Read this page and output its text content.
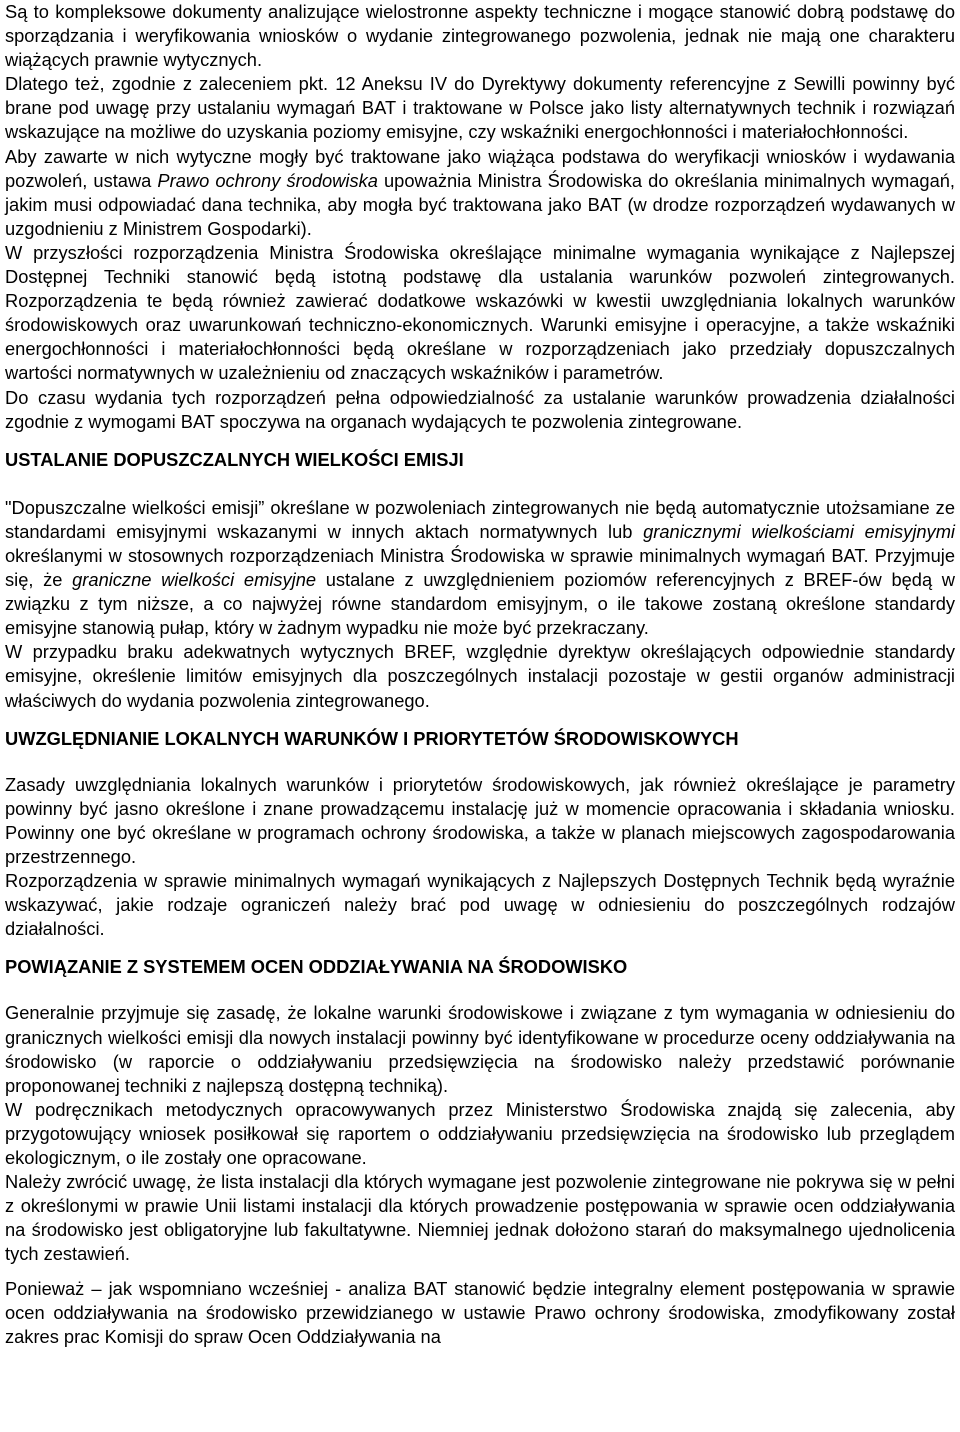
Są to kompleksowe dokumenty analizujące wielostronne aspekty techniczne i mogące stanowić dobrą podstawę do sporządzania i weryfikowania wniosków o wydanie zintegrowanego pozwolenia, jednak nie mają one charakteru wiążących prawnie wytycznych.

Dlatego też, zgodnie z zaleceniem pkt. 12 Aneksu IV do Dyrektywy dokumenty referencyjne z Sewilli powinny być brane pod uwagę przy ustalaniu wymagań BAT i traktowane w Polsce jako listy alternatywnych technik i rozwiązań wskazujące na możliwe do uzyskania poziomy emisyjne, czy wskaźniki energochłonności i materiałochłonności.

Aby zawarte w nich wytyczne mogły być traktowane jako wiążąca podstawa do weryfikacji wniosków i wydawania pozwoleń, ustawa Prawo ochrony środowiska upoważnia Ministra Środowiska do określania minimalnych wymagań, jakim musi odpowiadać dana technika, aby mogła być traktowana jako BAT (w drodze rozporządzeń wydawanych w uzgodnieniu z Ministrem Gospodarki).

W przyszłości rozporządzenia Ministra Środowiska określające minimalne wymagania wynikające z Najlepszej Dostępnej Techniki stanowić będą istotną podstawę dla ustalania warunków pozwoleń zintegrowanych. Rozporządzenia te będą również zawierać dodatkowe wskazówki w kwestii uwzględniania lokalnych warunków środowiskowych oraz uwarunkowań techniczno-ekonomicznych. Warunki emisyjne i operacyjne, a także wskaźniki energochłonności i materiałochłonności będą określane w rozporządzeniach jako przedziały dopuszczalnych wartości normatywnych w uzależnieniu od znaczących wskaźników i parametrów.

Do czasu wydania tych rozporządzeń pełna odpowiedzialność za ustalanie warunków prowadzenia działalności zgodnie z wymogami BAT spoczywa na organach wydających te pozwolenia zintegrowane.

USTALANIE DOPUSZCZALNYCH WIELKOŚCI EMISJI

"Dopuszczalne wielkości emisji” określane w pozwoleniach zintegrowanych nie będą automatycznie utożsamiane ze standardami emisyjnymi wskazanymi w innych aktach normatywnych lub granicznymi wielkościami emisyjnymi określanymi w stosownych rozporządzeniach Ministra Środowiska w sprawie minimalnych wymagań BAT. Przyjmuje się, że graniczne wielkości emisyjne ustalane z uwzględnieniem poziomów referencyjnych z BREF-ów będą w związku z tym niższe, a co najwyżej równe standardom emisyjnym, o ile takowe zostaną określone standardy emisyjne stanowią pułap, który w żadnym wypadku nie może być przekraczany.

W przypadku braku adekwatnych wytycznych BREF, względnie dyrektyw określających odpowiednie standardy emisyjne, określenie limitów emisyjnych dla poszczególnych instalacji pozostaje w gestii organów administracji właściwych do wydania pozwolenia zintegrowanego.

UWZGLĘDNIANIE LOKALNYCH WARUNKÓW I PRIORYTETÓW ŚRODOWISKOWYCH

Zasady uwzględniania lokalnych warunków i priorytetów środowiskowych, jak również określające je parametry powinny być jasno określone i znane prowadzącemu instalację już w momencie opracowania i składania wniosku. Powinny one być określane w programach ochrony środowiska, a także w planach miejscowych zagospodarowania przestrzennego.

Rozporządzenia w sprawie minimalnych wymagań wynikających z Najlepszych Dostępnych Technik będą wyraźnie wskazywać, jakie rodzaje ograniczeń należy brać pod uwagę w odniesieniu do poszczególnych rodzajów działalności.

POWIĄZANIE Z SYSTEMEM OCEN ODDZIAŁYWANIA NA ŚRODOWISKO

Generalnie przyjmuje się zasadę, że lokalne warunki środowiskowe i związane z tym wymagania w odniesieniu do granicznych wielkości emisji dla nowych instalacji powinny być identyfikowane w procedurze oceny oddziaływania na środowisko (w raporcie o oddziaływaniu przedsięwzięcia na środowisko należy przedstawić porównanie proponowanej techniki z najlepszą dostępną techniką).

W podręcznikach metodycznych opracowywanych przez Ministerstwo Środowiska znajdą się zalecenia, aby przygotowujący wniosek posiłkował się raportem o oddziaływaniu przedsięwzięcia na środowisko lub przeglądem ekologicznym, o ile zostały one opracowane.

Należy zwrócić uwagę, że lista instalacji dla których wymagane jest pozwolenie zintegrowane nie pokrywa się w pełni z określonymi w prawie Unii listami instalacji dla których prowadzenie postępowania w sprawie ocen oddziaływania na środowisko jest obligatoryjne lub fakultatywne. Niemniej jednak dołożono starań do maksymalnego ujednolicenia tych zestawień.

Ponieważ – jak wspomniano wcześniej - analiza BAT stanowić będzie integralny element postępowania w sprawie ocen oddziaływania na środowisko przewidzianego w ustawie Prawo ochrony środowiska, zmodyfikowany został zakres prac Komisji do spraw Ocen Oddziaływania na
